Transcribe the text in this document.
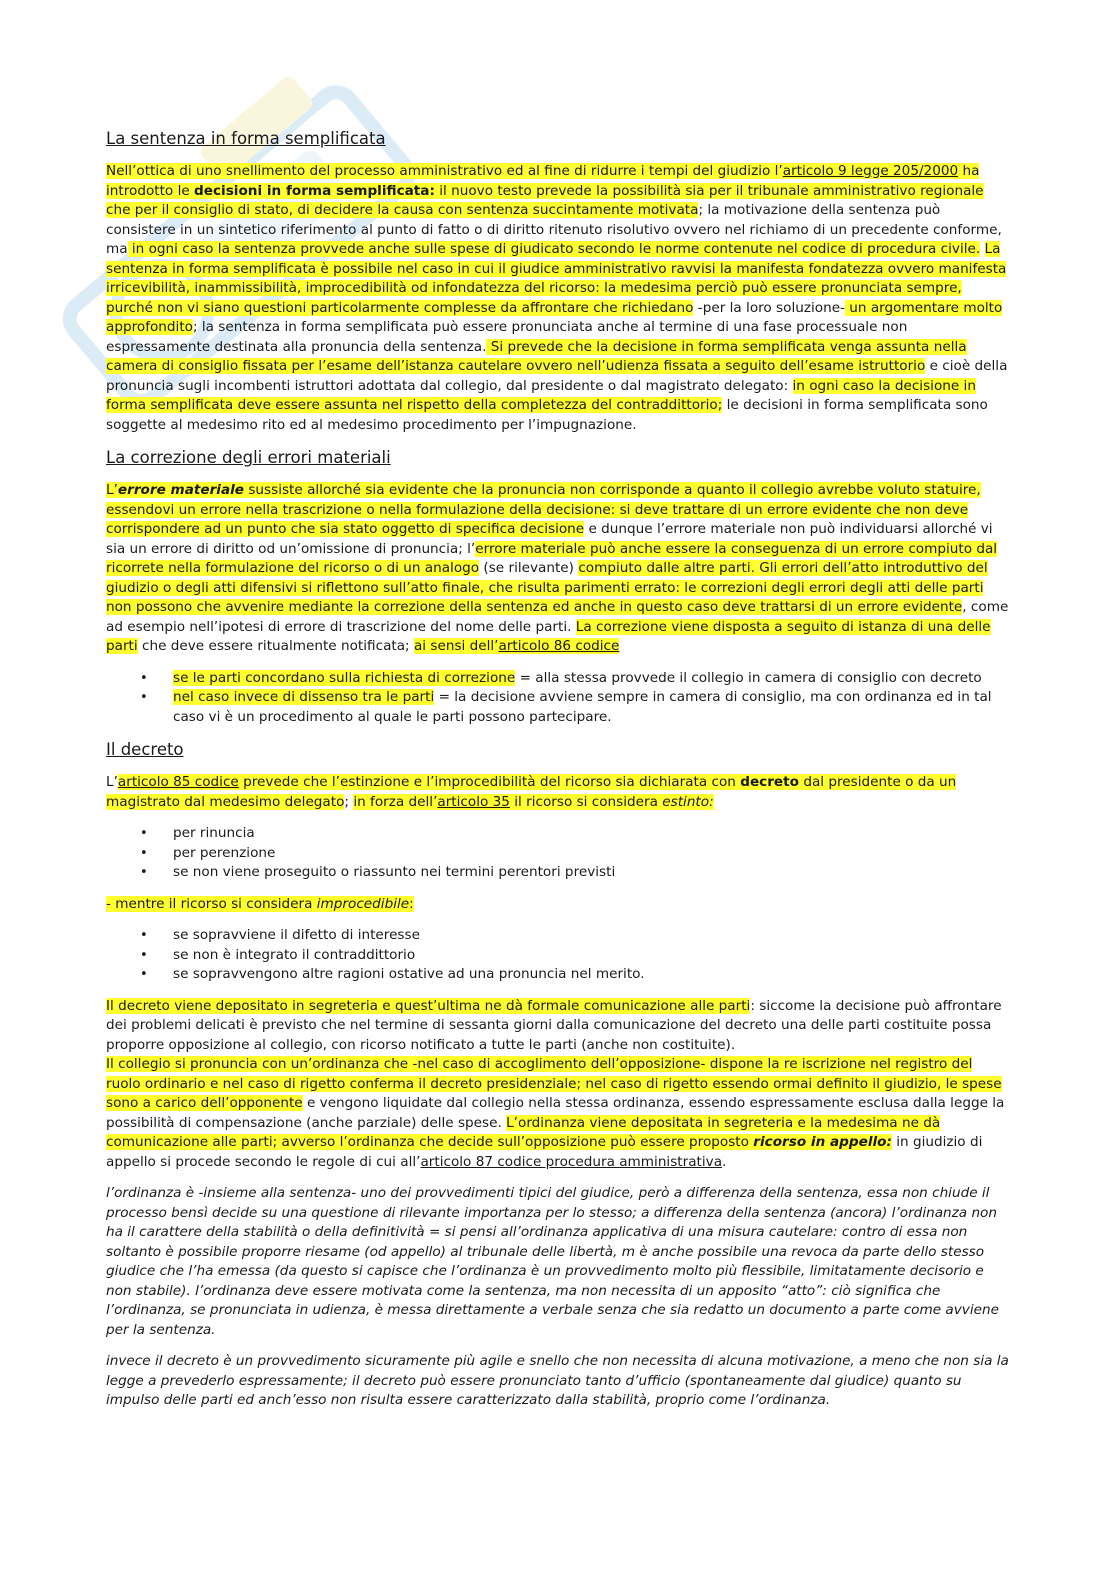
La sentenza in forma semplificata

Nell’ottica di uno snellimento del processo amministrativo ed al fine di ridurre i tempi del giudizio l’articolo 9 legge 205/2000 ha introdotto le decisioni in forma semplificata: il nuovo testo prevede la possibilità sia per il tribunale amministrativo regionale che per il consiglio di stato, di decidere la causa con sentenza succintamente motivata; la motivazione della sentenza può consistere in un sintetico riferimento al punto di fatto o di diritto ritenuto risolutivo ovvero nel richiamo di un precedente conforme, ma in ogni caso la sentenza provvede anche sulle spese di giudicato secondo le norme contenute nel codice di procedura civile. La sentenza in forma semplificata è possibile nel caso in cui il giudice amministrativo ravvisi la manifesta fondatezza ovvero manifesta irricevibilità, inammissibilità, improcedibilità od infondatezza del ricorso: la medesima perciò può essere pronunciata sempre, purché non vi siano questioni particolarmente complesse da affrontare che richiedano -per la loro soluzione- un argomentare molto approfondito; la sentenza in forma semplificata può essere pronunciata anche al termine di una fase processuale non espressamente destinata alla pronuncia della sentenza. Si prevede che la decisione in forma semplificata venga assunta nella camera di consiglio fissata per l’esame dell’istanza cautelare ovvero nell’udienza fissata a seguito dell’esame istruttorio e cioè della pronuncia sugli incombenti istruttori adottata dal collegio, dal presidente o dal magistrato delegato: in ogni caso la decisione in forma semplificata deve essere assunta nel rispetto della completezza del contraddittorio; le decisioni in forma semplificata sono soggette al medesimo rito ed al medesimo procedimento per l’impugnazione.

La correzione degli errori materiali

L’errore materiale sussiste allorché sia evidente che la pronuncia non corrisponde a quanto il collegio avrebbe voluto statuire, essendovi un errore nella trascrizione o nella formulazione della decisione: si deve trattare di un errore evidente che non deve corrispondere ad un punto che sia stato oggetto di specifica decisione e dunque l’errore materiale non può individuarsi allorché vi sia un errore di diritto od un’omissione di pronuncia; l’errore materiale può anche essere la conseguenza di un errore compiuto dal ricorrete nella formulazione del ricorso o di un analogo (se rilevante) compiuto dalle altre parti. Gli errori dell’atto introduttivo del giudizio o degli atti difensivi si riflettono sull’atto finale, che risulta parimenti errato: le correzioni degli errori degli atti delle parti non possono che avvenire mediante la correzione della sentenza ed anche in questo caso deve trattarsi di un errore evidente, come ad esempio nell’ipotesi di errore di trascrizione del nome delle parti. La correzione viene disposta a seguito di istanza di una delle parti che deve essere ritualmente notificata; ai sensi dell’articolo 86 codice

• se le parti concordano sulla richiesta di correzione = alla stessa provvede il collegio in camera di consiglio con decreto
• nel caso invece di dissenso tra le parti = la decisione avviene sempre in camera di consiglio, ma con ordinanza ed in tal caso vi è un procedimento al quale le parti possono partecipare.
Il decreto

L’articolo 85 codice prevede che l’estinzione e l’improcedibilità del ricorso sia dichiarata con decreto dal presidente o da un magistrato dal medesimo delegato; in forza dell’articolo 35 il ricorso si considera estinto:

• per rinuncia
• per perenzione
• se non viene proseguito o riassunto nei termini perentori previsti

- mentre il ricorso si considera improcedibile:

• se sopravviene il difetto di interesse
• se non è integrato il contraddittorio
• se sopravvengono altre ragioni ostative ad una pronuncia nel merito.

Il decreto viene depositato in segreteria e quest’ultima ne dà formale comunicazione alle parti: siccome la decisione può affrontare dei problemi delicati è previsto che nel termine di sessanta giorni dalla comunicazione del decreto una delle parti costituite possa proporre opposizione al collegio, con ricorso notificato a tutte le parti (anche non costituite).

Il collegio si pronuncia con un’ordinanza che -nel caso di accoglimento dell’opposizione- dispone la re iscrizione nel registro del ruolo ordinario e nel caso di rigetto conferma il decreto presidenziale; nel caso di rigetto essendo ormai definito il giudizio, le spese sono a carico dell’opponente e vengono liquidate dal collegio nella stessa ordinanza, essendo espressamente esclusa dalla legge la possibilità di compensazione (anche parziale) delle spese. L’ordinanza viene depositata in segreteria e la medesima ne dà comunicazione alle parti; avverso l’ordinanza che decide sull’opposizione può essere proposto ricorso in appello: in giudizio di appello si procede secondo le regole di cui all’articolo 87 codice procedura amministrativa.

l’ordinanza è -insieme alla sentenza- uno dei provvedimenti tipici del giudice, però a differenza della sentenza, essa non chiude il processo bensì decide su una questione di rilevante importanza per lo stesso; a differenza della sentenza (ancora) l’ordinanza non ha il carattere della stabilità o della definitività = si pensi all’ordinanza applicativa di una misura cautelare: contro di essa non soltanto è possibile proporre riesame (od appello) al tribunale delle libertà, m è anche possibile una revoca da parte dello stesso giudice che l’ha emessa (da questo si capisce che l’ordinanza è un provvedimento molto più flessibile, limitatamente decisorio e non stabile). l’ordinanza deve essere motivata come la sentenza, ma non necessita di un apposito “atto”: ciò significa che l’ordinanza, se pronunciata in udienza, è messa direttamente a verbale senza che sia redatto un documento a parte come avviene per la sentenza.

invece il decreto è un provvedimento sicuramente più agile e snello che non necessita di alcuna motivazione, a meno che non sia la legge a prevederlo espressamente; il decreto può essere pronunciato tanto d’ufficio (spontaneamente dal giudice) quanto su impulso delle parti ed anch’esso non risulta essere caratterizzato dalla stabilità, proprio come l’ordinanza.
